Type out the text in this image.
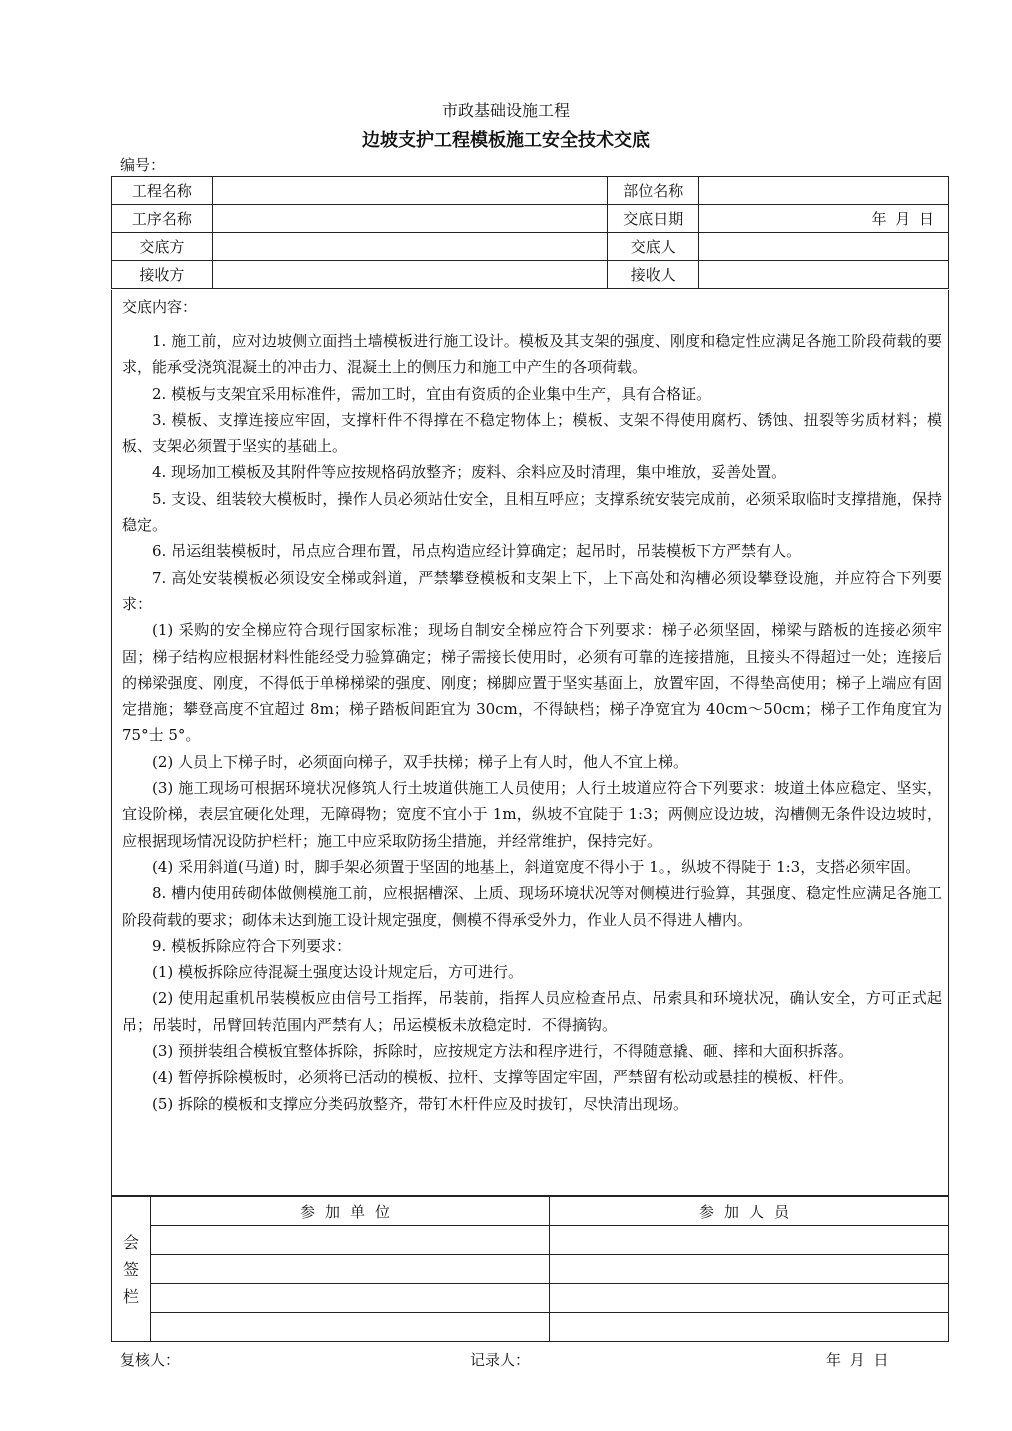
市政基础设施工程
边坡支护工程模板施工安全技术交底
编号：
工程名称		部位名称	
工序名称		交底日期	年 月 日
交底方		交底人	
接收方		接收人	
交底内容：

1. 施工前，应对边坡侧立面挡土墙模板进行施工设计。模板及其支架的强度、刚度和稳定性应满足各施工阶段荷载的要求，能承受浇筑混凝土的冲击力、混凝土上的侧压力和施工中产生的各项荷载。

2. 模板与支架宜采用标准件，需加工时，宜由有资质的企业集中生产，具有合格证。

3. 模板、支撑连接应牢固，支撑杆件不得撑在不稳定物体上；模板、支架不得使用腐朽、锈蚀、扭裂等劣质材料；模板、支架必须置于坚实的基础上。

4. 现场加工模板及其附件等应按规格码放整齐；废料、余料应及时清理，集中堆放，妥善处置。

5. 支设、组装较大模板时，操作人员必须站仕安全，且相互呼应；支撑系统安装完成前，必须采取临时支撑措施，保持稳定。

6. 吊运组装模板时，吊点应合理布置，吊点构造应经计算确定；起吊时，吊装模板下方严禁有人。

7. 高处安装模板必须设安全梯或斜道，严禁攀登模板和支架上下，上下高处和沟槽必须设攀登设施，并应符合下列要求：

(1) 采购的安全梯应符合现行国家标准；现场自制安全梯应符合下列要求：梯子必须坚固，梯梁与踏板的连接必须牢固；梯子结构应根据材料性能经受力验算确定；梯子需接长使用时，必须有可靠的连接措施，且接头不得超过一处；连接后的梯梁强度、刚度，不得低于单梯梯梁的强度、刚度；梯脚应置于坚实基面上，放置牢固，不得垫高使用；梯子上端应有固定措施；攀登高度不宜超过 8m；梯子踏板间距宜为 30cm，不得缺档；梯子净宽宜为 40cm～50cm；梯子工作角度宜为 75°士 5°。

(2) 人员上下梯子时，必须面向梯子，双手扶梯；梯子上有人时，他人不宜上梯。

(3) 施工现场可根据环境状况修筑人行土坡道供施工人员使用；人行土坡道应符合下列要求：坡道土体应稳定、坚实，宜设阶梯，表层宜硬化处理，无障碍物；宽度不宜小于 1m，纵坡不宜陡于 1:3；两侧应设边坡，沟槽侧无条件设边坡时，应根据现场情况设防护栏杆；施工中应采取防扬尘措施，并经常维护，保持完好。

(4) 采用斜道(马道) 时，脚手架必须置于坚固的地基上，斜道宽度不得小于 1。，纵坡不得陡于 1:3，支搭必须牢固。

8. 槽内使用砖砌体做侧模施工前，应根据槽深、上质、现场环境状况等对侧模进行验算，其强度、稳定性应满足各施工阶段荷载的要求；砌体未达到施工设计规定强度，侧模不得承受外力，作业人员不得进人槽内。

9. 模板拆除应符合下列要求：

(1) 模板拆除应待混凝土强度达设计规定后，方可进行。

(2) 使用起重机吊装模板应由信号工指挥，吊装前，指挥人员应检查吊点、吊索具和环境状况，确认安全，方可正式起吊；吊装时，吊臂回转范围内严禁有人；吊运模板未放稳定时．不得摘钩。

(3) 预拼装组合模板宜整体拆除，拆除时，应按规定方法和程序进行，不得随意撬、砸、摔和大面积拆落。

(4) 暂停拆除模板时，必须将已活动的模板、拉杆、支撑等固定牢固，严禁留有松动或悬挂的模板、杆件。

(5) 拆除的模板和支撑应分类码放整齐，带钉木杆件应及时拔钉，尽快清出现场。

会签栏	参加单位	参加人员

复核人：	记录人：	年 月 日
